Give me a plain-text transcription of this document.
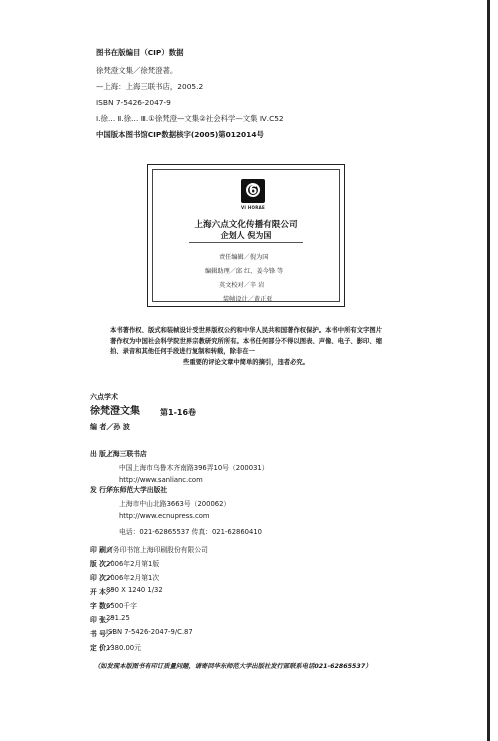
图书在版编目（CIP）数据
徐梵澄文集／徐梵澄著。
—上海：上海三联书店，2005.2
ISBN 7-5426-2047-9
Ⅰ.徐… Ⅱ.徐… Ⅲ.①徐梵澄—文集②社会科学—文集 Ⅳ.C52
中国版本图书馆CIP数据核字(2005)第012014号
6
VI HORAE
上海六点文化传播有限公司
企划人 倪为国
责任编辑／倪为国
编辑助理／邱 红、姜今锋 等
英文校对／辛 岩
装帧设计／黄正亚
本书著作权、版式和装帧设计受世界版权公约和中华人民共和国著作权保护。本书中所有文字图片著作权为中国社会科学院世界宗教研究所所有。本书任何部分不得以图表、声像、电子、影印、缩拍、录音和其他任何手段进行复制和转载，除非在一
些重要的评论文章中简单的摘引，违者必究。
六点学术
徐梵澄文集	第1-16卷
编 者／孙 波
出 版／
上海三联书店
中国上海市乌鲁木齐南路396弄10号（200031）
http://www.sanlianc.com
发 行／
华东师范大学出版社
上海市中山北路3663号（200062）
http://www.ecnupress.com
电话：021-62865537 传真：021-62860410
印 刷／
商务印书馆上海印刷股份有限公司
版 次／
2006年2月第1版
印 次／
2006年2月第1次
开 本／
890 X 1240 1/32
字 数／
6500千字
印 张／
291.25
书 号／
ISBN 7-5426-2047-9/C.87
定 价／
1380.00元
（如发现本版图书有印订质量问题，请寄回华东师范大学出版社发行部联系电话021-62865537）
